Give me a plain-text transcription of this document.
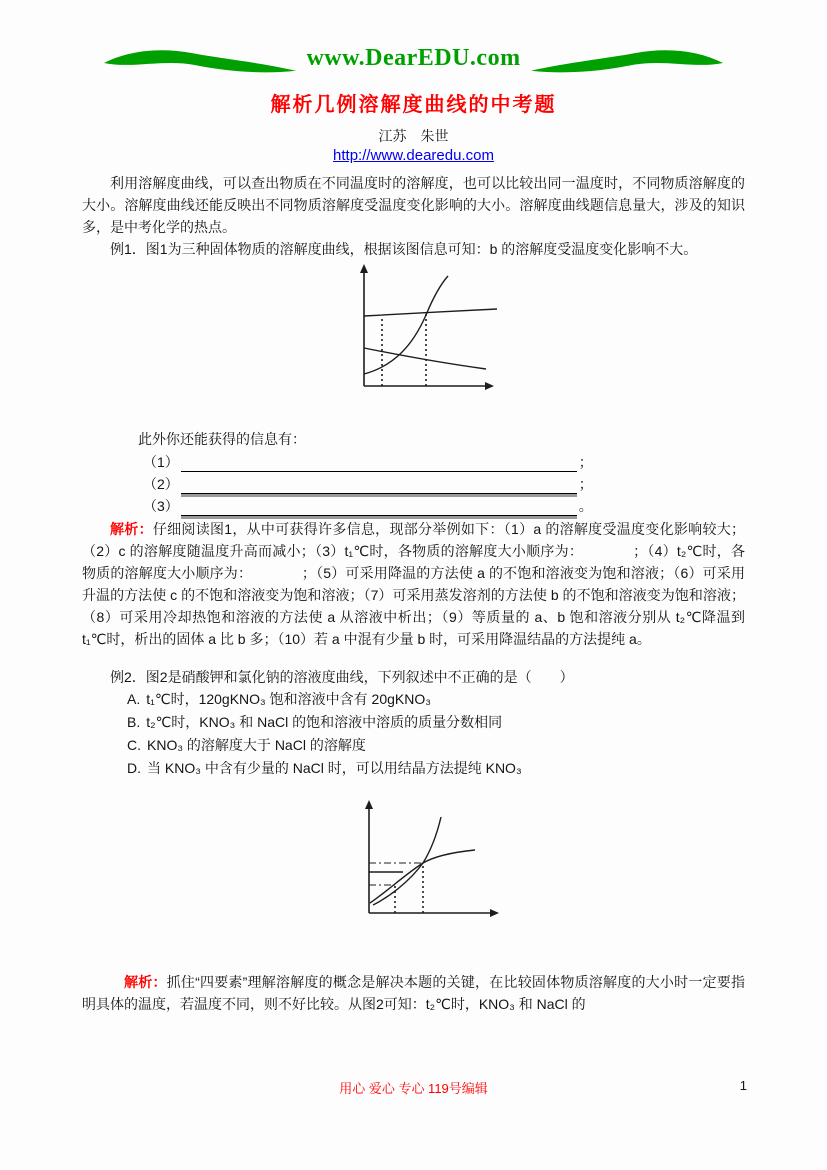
www.DearEDU.com
解析几例溶解度曲线的中考题
江苏　朱世
http://www.dearedu.com

利用溶解度曲线，可以查出物质在不同温度时的溶解度，也可以比较出同一温度时，不同物质溶解度的大小。溶解度曲线还能反映出不同物质溶解度受温度变化影响的大小。溶解度曲线题信息量大，涉及的知识多，是中考化学的热点。

例1．图1为三种固体物质的溶解度曲线，根据该图信息可知：b 的溶解度受温度变化影响不大。

此外你还能获得的信息有：
（1）	；
（2）	；
（3）	。

解析：仔细阅读图1，从中可获得许多信息，现部分举例如下：（1）a 的溶解度受温度变化影响较大；（2）c 的溶解度随温度升高而减小；（3）t₁℃时，各物质的溶解度大小顺序为：　　　　；（4）t₂℃时，各物质的溶解度大小顺序为：　　　　；（5）可采用降温的方法使 a 的不饱和溶液变为饱和溶液；（6）可采用升温的方法使 c 的不饱和溶液变为饱和溶液；（7）可采用蒸发溶剂的方法使 b 的不饱和溶液变为饱和溶液；（8）可采用冷却热饱和溶液的方法使 a 从溶液中析出；（9）等质量的 a、b 饱和溶液分别从 t₂℃降温到 t₁℃时，析出的固体 a 比 b 多；（10）若 a 中混有少量 b 时，可采用降温结晶的方法提纯 a。

例2．图2是硝酸钾和氯化钠的溶液度曲线，下列叙述中不正确的是（　　）

A. t₁℃时，120gKNO₃ 饱和溶液中含有 20gKNO₃
B. t₂℃时，KNO₃ 和 NaCl 的饱和溶液中溶质的质量分数相同
C. KNO₃ 的溶解度大于 NaCl 的溶解度
D. 当 KNO₃ 中含有少量的 NaCl 时，可以用结晶方法提纯 KNO₃

解析：抓住“四要素”理解溶解度的概念是解决本题的关键，在比较固体物质溶解度的大小时一定要指明具体的温度，若温度不同，则不好比较。从图2可知：t₂℃时，KNO₃ 和 NaCl 的

用心 爱心 专心 119号编辑	1
